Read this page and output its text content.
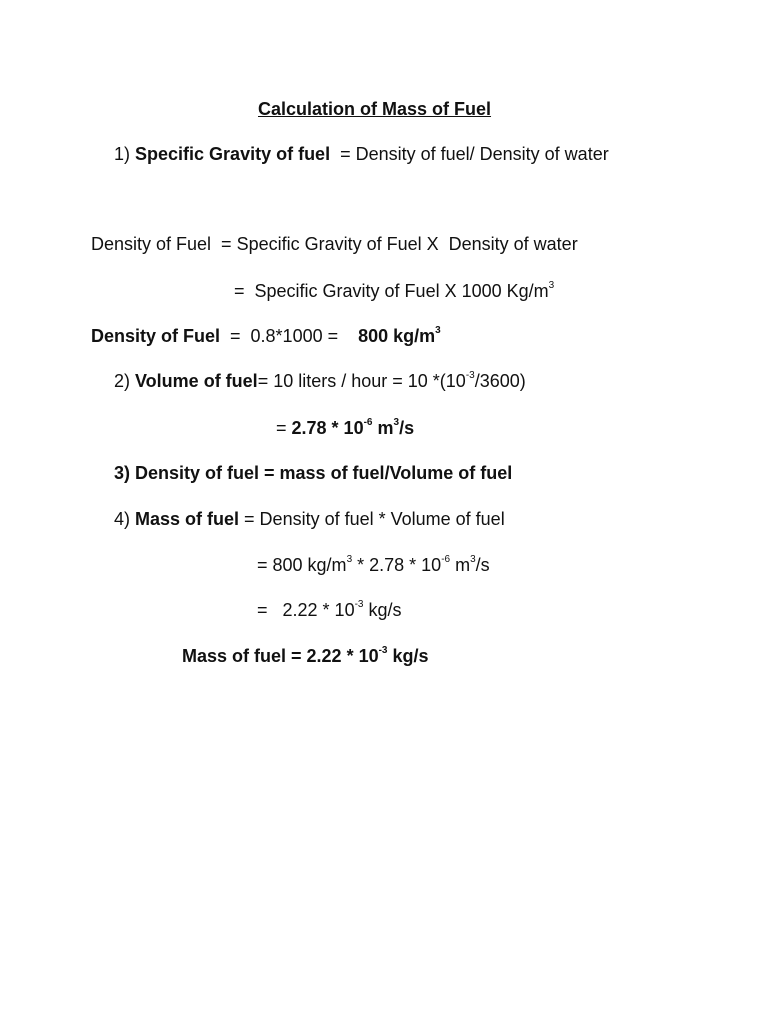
Calculation of Mass of Fuel
1) Specific Gravity of fuel  = Density of fuel/ Density of water
Density of Fuel  = Specific Gravity of Fuel X  Density of water
=  Specific Gravity of Fuel X 1000 $Kg/m^3$
Density of Fuel  =  0.8*1000 =    800 $kg/m^3$
2) Volume of fuel= 10 liters / hour = 10 $*(10^{-3}/3600)$
= $2.78 * 10^{-6}$ $m^3/s$
3) Density of fuel = mass of fuel/Volume of fuel
4) Mass of fuel = Density of fuel * Volume of fuel
= 800 $kg/m^3 * 2.78 * 10^{-6}$ $m^3/s$
=   $2.22 * 10^{-3}$ kg/s
Mass of fuel = $2.22 * 10^{-3}$ kg/s
